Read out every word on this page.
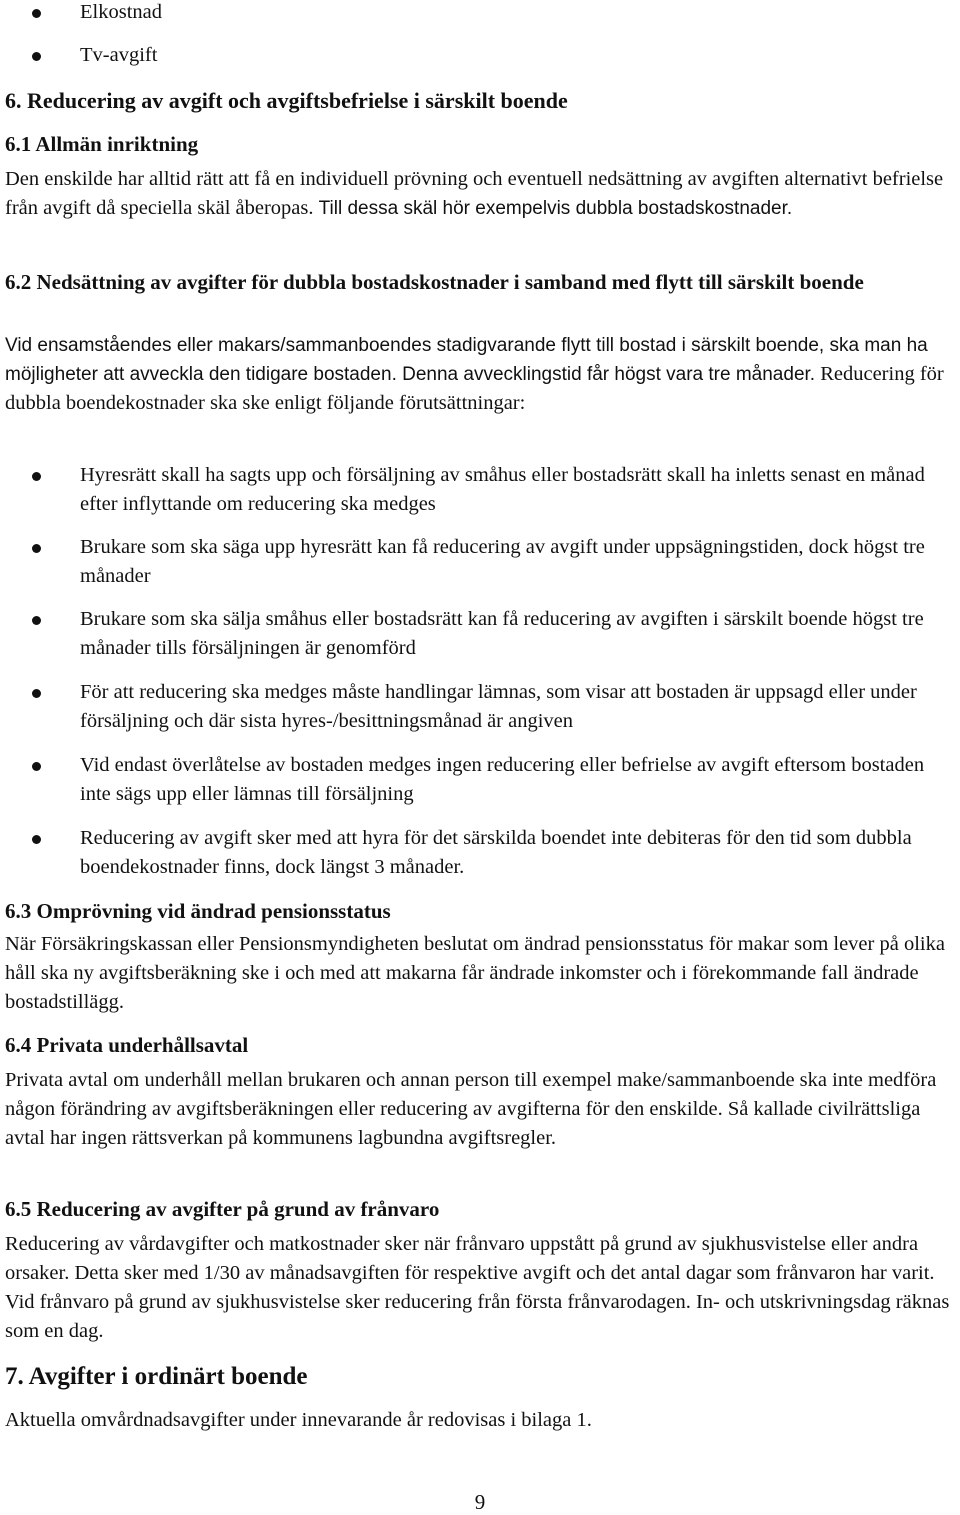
Elkostnad
Tv-avgift
6. Reducering av avgift och avgiftsbefrielse i särskilt boende
6.1 Allmän inriktning
Den enskilde har alltid rätt att få en individuell prövning och eventuell nedsättning av avgiften alternativt befrielse från avgift då speciella skäl åberopas. Till dessa skäl hör exempelvis dubbla bostadskostnader.
6.2 Nedsättning av avgifter för dubbla bostadskostnader i samband med flytt till särskilt boende
Vid ensamståendes eller makars/sammanboendes stadigvarande flytt till bostad i särskilt boende, ska man ha möjligheter att avveckla den tidigare bostaden. Denna avvecklingstid får högst vara tre månader. Reducering för dubbla boendekostnader ska ske enligt följande förutsättningar:
Hyresrätt skall ha sagts upp och försäljning av småhus eller bostadsrätt skall ha inletts senast en månad efter inflyttande om reducering ska medges
Brukare som ska säga upp hyresrätt kan få reducering av avgift under uppsägningstiden, dock högst tre månader
Brukare som ska sälja småhus eller bostadsrätt kan få reducering av avgiften i särskilt boende högst tre månader tills försäljningen är genomförd
För att reducering ska medges måste handlingar lämnas, som visar att bostaden är uppsagd eller under försäljning och där sista hyres-/besittningsmånad är angiven
Vid endast överlåtelse av bostaden medges ingen reducering eller befrielse av avgift eftersom bostaden inte sägs upp eller lämnas till försäljning
Reducering av avgift sker med att hyra för det särskilda boendet inte debiteras för den tid som dubbla boendekostnader finns, dock längst 3 månader.
6.3 Omprövning vid ändrad pensionsstatus
När Försäkringskassan eller Pensionsmyndigheten beslutat om ändrad pensionsstatus för makar som lever på olika håll ska ny avgiftsberäkning ske i och med att makarna får ändrade inkomster och i förekommande fall ändrade bostadstillägg.
6.4 Privata underhållsavtal
Privata avtal om underhåll mellan brukaren och annan person till exempel make/sammanboende ska inte medföra någon förändring av avgiftsberäkningen eller reducering av avgifterna för den enskilde. Så kallade civilrättsliga avtal har ingen rättsverkan på kommunens lagbundna avgiftsregler.
6.5 Reducering av avgifter på grund av frånvaro
Reducering av vårdavgifter och matkostnader sker när frånvaro uppstått på grund av sjukhusvistelse eller andra orsaker. Detta sker med 1/30 av månadsavgiften för respektive avgift och det antal dagar som frånvaron har varit. Vid frånvaro på grund av sjukhusvistelse sker reducering från första frånvarodagen. In- och utskrivningsdag räknas som en dag.
7. Avgifter i ordinärt boende
Aktuella omvårdnadsavgifter under innevarande år redovisas i bilaga 1.
9
